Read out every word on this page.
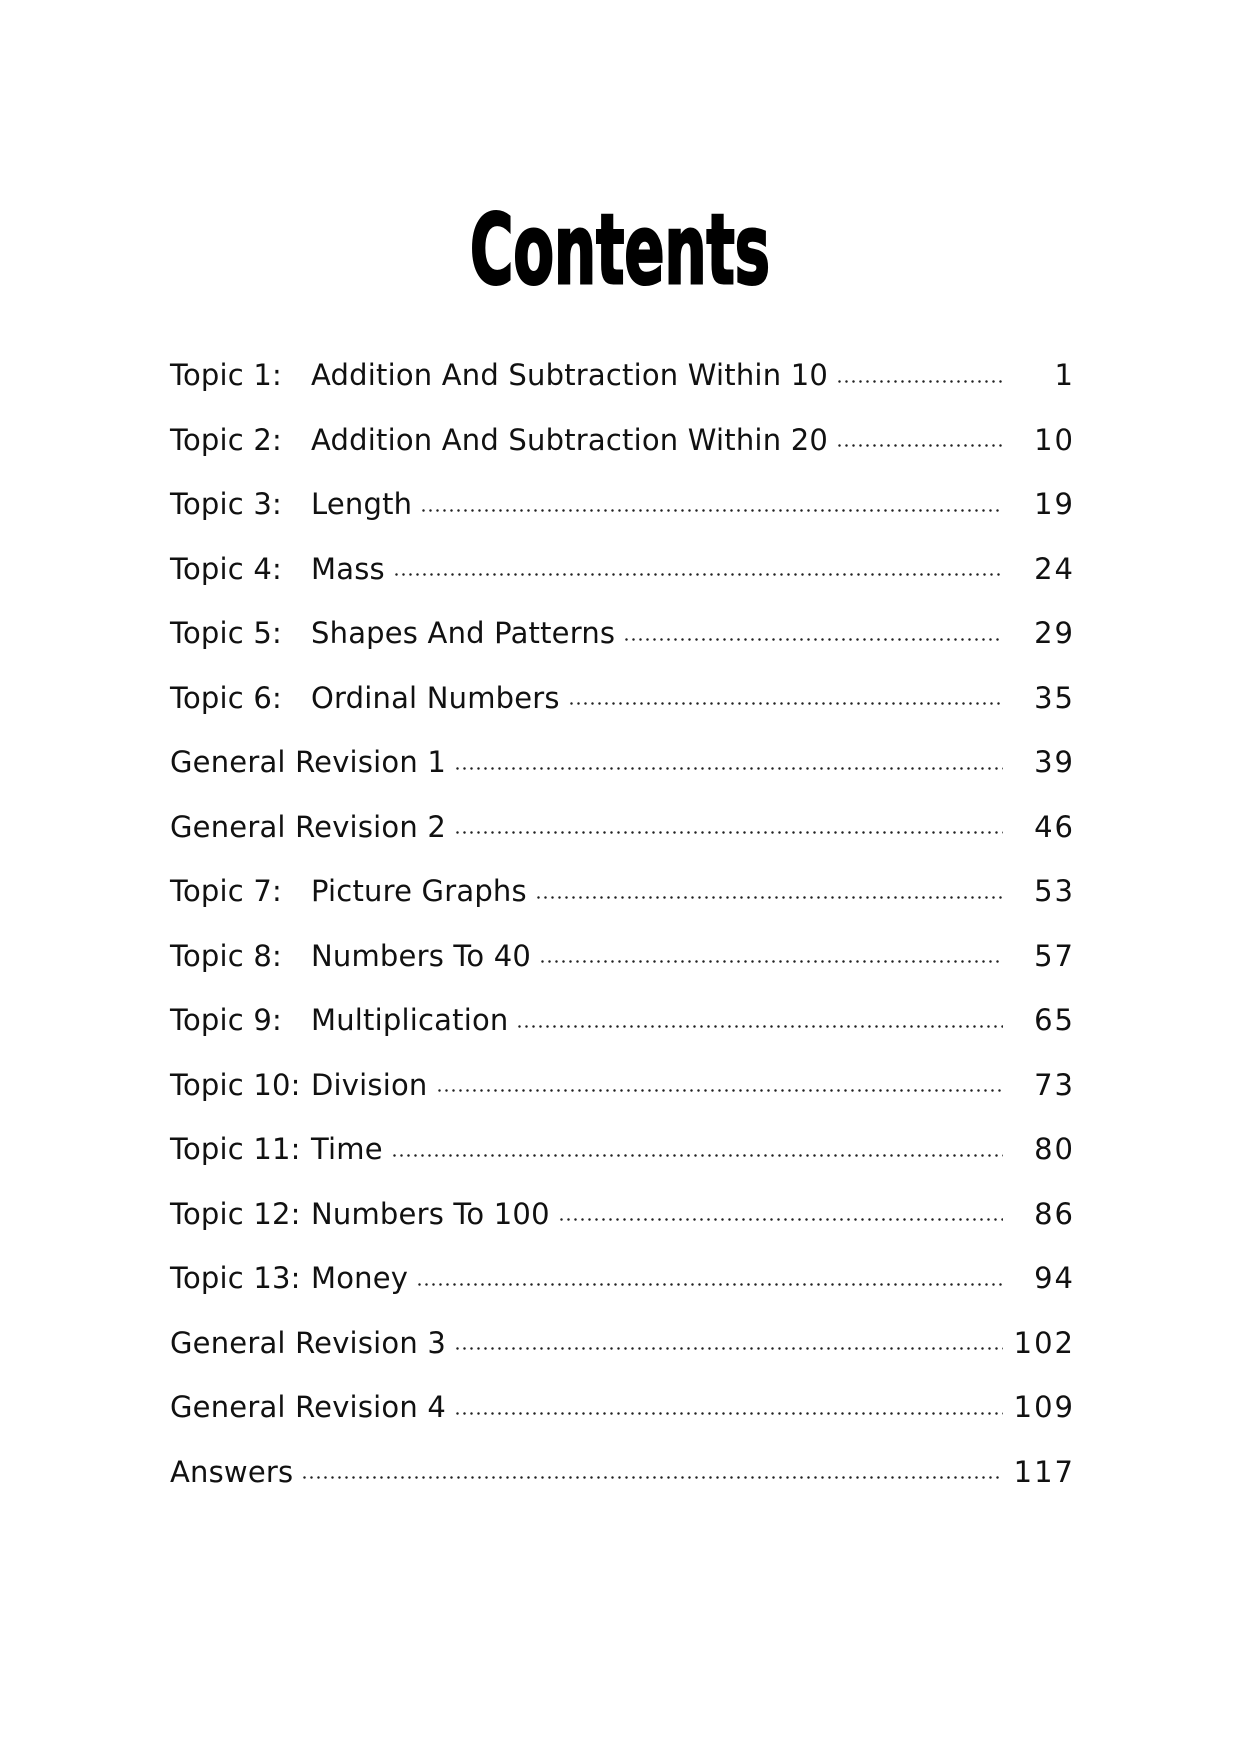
Contents
Topic 1:	Addition And Subtraction Within 10	1
Topic 2:	Addition And Subtraction Within 20	10
Topic 3:	Length	19
Topic 4:	Mass	24
Topic 5:	Shapes And Patterns	29
Topic 6:	Ordinal Numbers	35
General Revision 1	39
General Revision 2	46
Topic 7:	Picture Graphs	53
Topic 8:	Numbers To 40	57
Topic 9:	Multiplication	65
Topic 10: Division	73
Topic 11: Time	80
Topic 12: Numbers To 100	86
Topic 13: Money	94
General Revision 3	102
General Revision 4	109
Answers	117
